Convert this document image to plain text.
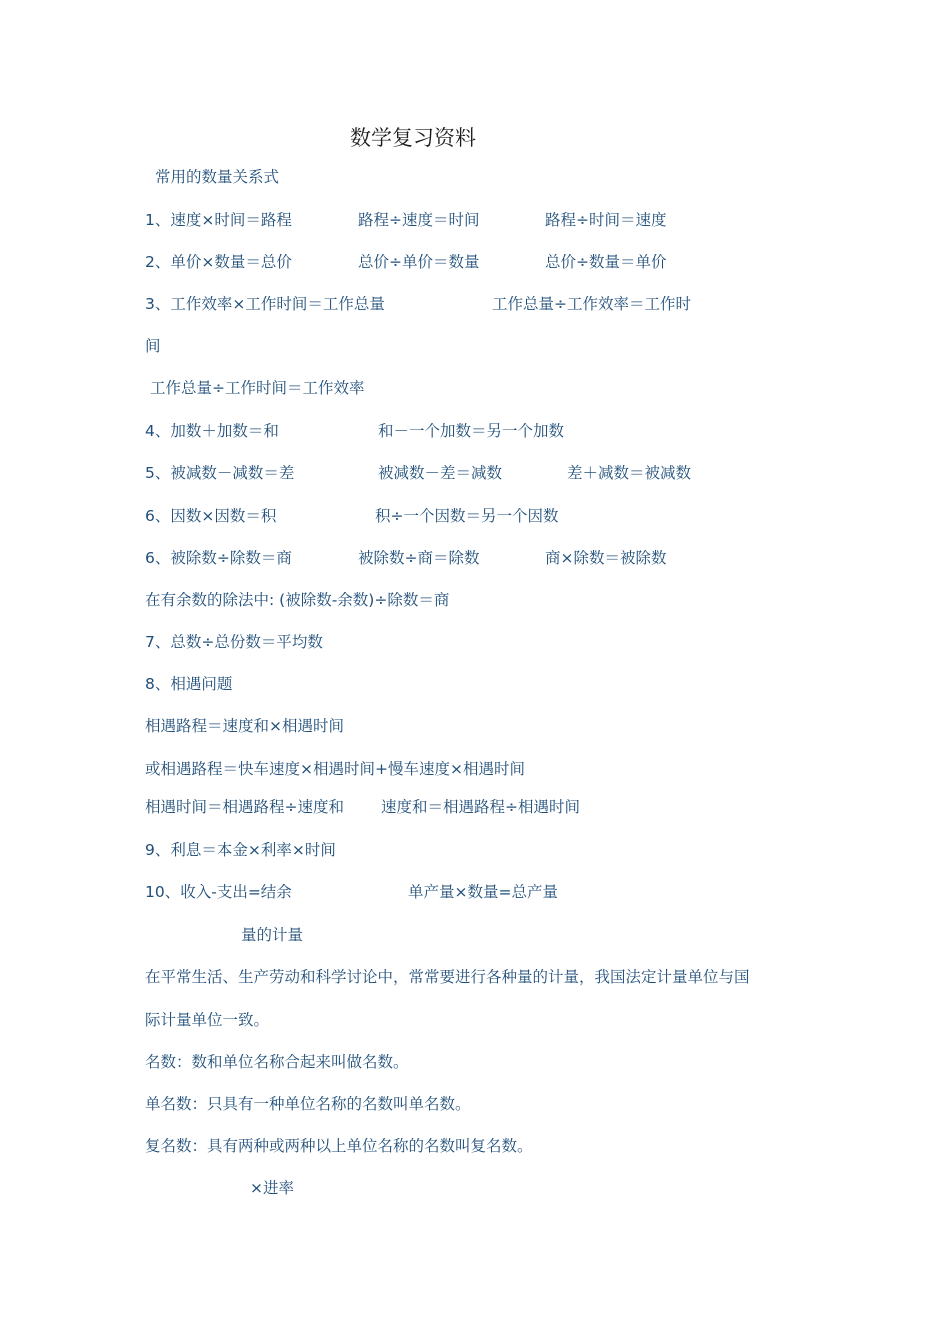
数学复习资料
常用的数量关系式
1、速度×时间＝路程	路程÷速度＝时间	路程÷时间＝速度
2、单价×数量＝总价	总价÷单价＝数量	总价÷数量＝单价
3、工作效率×工作时间＝工作总量	工作总量÷工作效率＝工作时
间
工作总量÷工作时间＝工作效率
4、加数＋加数＝和	和－一个加数＝另一个加数
5、被减数－减数＝差	被减数－差＝减数	差＋减数＝被减数
6、因数×因数＝积	积÷一个因数＝另一个因数
6、被除数÷除数＝商	被除数÷商＝除数	商×除数＝被除数
在有余数的除法中: (被除数-余数)÷除数＝商
7、总数÷总份数＝平均数
8、相遇问题
相遇路程＝速度和×相遇时间
或相遇路程＝快车速度×相遇时间+慢车速度×相遇时间
相遇时间＝相遇路程÷速度和 速度和＝相遇路程÷相遇时间
9、利息＝本金×利率×时间
10、收入-支出=结余	单产量×数量=总产量
量的计量
在平常生活、生产劳动和科学讨论中，常常要进行各种量的计量，我国法定计量单位与国
际计量单位一致。
名数：数和单位名称合起来叫做名数。
单名数：只具有一种单位名称的名数叫单名数。
复名数：具有两种或两种以上单位名称的名数叫复名数。
×进率
